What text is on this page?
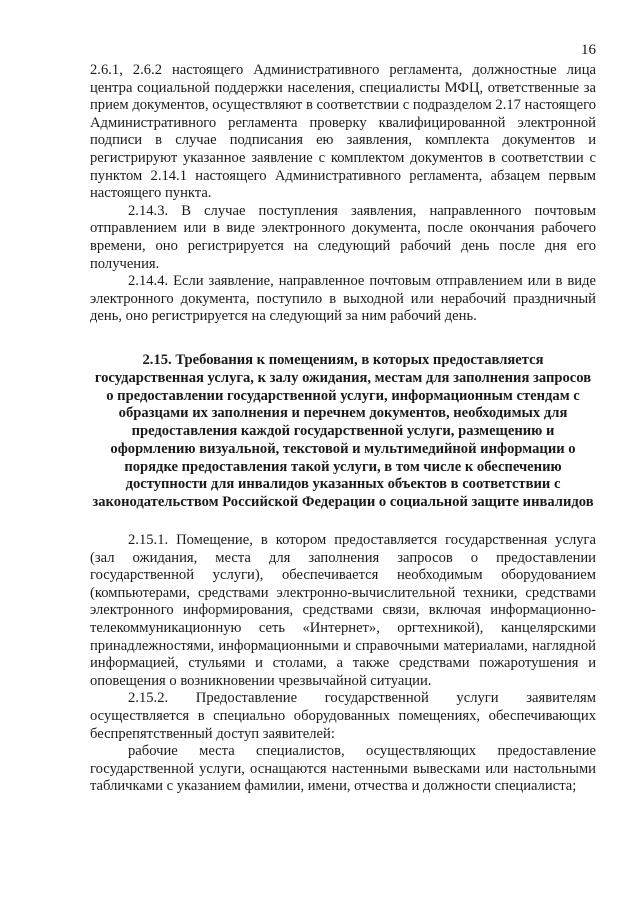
16

2.6.1, 2.6.2 настоящего Административного регламента, должностные лица центра социальной поддержки населения, специалисты МФЦ, ответственные за прием документов, осуществляют в соответствии с подразделом 2.17 настоящего Административного регламента проверку квалифицированной электронной подписи в случае подписания ею заявления, комплекта документов и регистрируют указанное заявление с комплектом документов в соответствии с пунктом 2.14.1 настоящего Административного регламента, абзацем первым настоящего пункта.

2.14.3. В случае поступления заявления, направленного почтовым отправлением или в виде электронного документа, после окончания рабочего времени, оно регистрируется на следующий рабочий день после дня его получения.

2.14.4. Если заявление, направленное почтовым отправлением или в виде электронного документа, поступило в выходной или нерабочий праздничный день, оно регистрируется на следующий за ним рабочий день.

2.15. Требования к помещениям, в которых предоставляется государственная услуга, к залу ожидания, местам для заполнения запросов о предоставлении государственной услуги, информационным стендам с образцами их заполнения и перечнем документов, необходимых для предоставления каждой государственной услуги, размещению и оформлению визуальной, текстовой и мультимедийной информации о порядке предоставления такой услуги, в том числе к обеспечению доступности для инвалидов указанных объектов в соответствии с законодательством Российской Федерации о социальной защите инвалидов

2.15.1. Помещение, в котором предоставляется государственная услуга (зал ожидания, места для заполнения запросов о предоставлении государственной услуги), обеспечивается необходимым оборудованием (компьютерами, средствами электронно-вычислительной техники, средствами электронного информирования, средствами связи, включая информационно-телекоммуникационную сеть «Интернет», оргтехникой), канцелярскими принадлежностями, информационными и справочными материалами, наглядной информацией, стульями и столами, а также средствами пожаротушения и оповещения о возникновении чрезвычайной ситуации.

2.15.2. Предоставление государственной услуги заявителям осуществляется в специально оборудованных помещениях, обеспечивающих беспрепятственный доступ заявителей:

рабочие места специалистов, осуществляющих предоставление государственной услуги, оснащаются настенными вывесками или настольными табличками с указанием фамилии, имени, отчества и должности специалиста;
